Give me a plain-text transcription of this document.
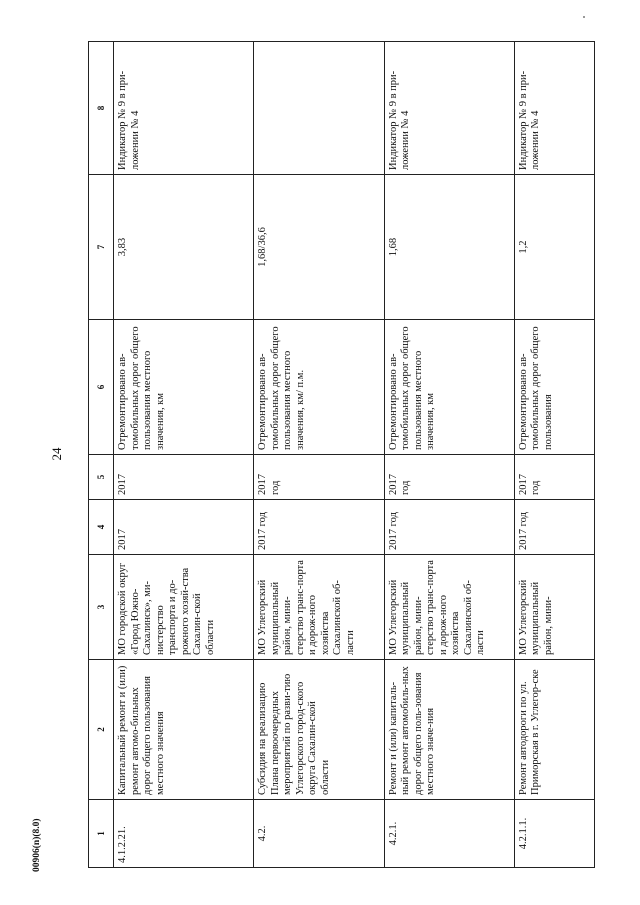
24
00906(n)(8.0)	1	2	3	4	5	6	7	8
4.1.2.21.	Капитальный ремонт и (или) ремонт автомо-бильных дорог общего пользования местного значения	МО городской округ «Город Южно-Сахалинск», ми-нистерство транспорта и до-рожного хозяй-ства Сахалин-ской области	2017	2017	Отремонтировано ав-томобильных дорог общего пользования местного значения, км	3,83	Индикатор № 9 в при-ложении № 4
4.2.	Субсидия на реализацию Плана первоочередных мероприятий по разви-тию Углегорского город-ского округа Сахалин-ской области	МО Углегорский муниципальный район, мини-стерство транс-порта и дорож-ного хозяйства Сахалинской об-ласти	2017 год	2017 год	Отремонтировано ав-томобильных дорог общего пользования местного значения, км/ п.м.	1,68/36,6	
4.2.1.	Ремонт и (или) капиталь-ный ремонт автомобиль-ных дорог общего поль-зования местного значе-ния	МО Углегорский муниципальный район, мини-стерство транс-порта и дорож-ного хозяйства Сахалинской об-ласти	2017 год	2017 год	Отремонтировано ав-томобильных дорог общего пользования местного значения, км	1,68	Индикатор № 9 в при-ложении № 4
4.2.1.1.	Ремонт автодороги по ул. Приморская в г. Углегор-ске	МО Углегорский муниципальный район, мини-	2017 год	2017 год	Отремонтировано ав-томобильных дорог общего пользования	1,2	Индикатор № 9 в при-ложении № 4
